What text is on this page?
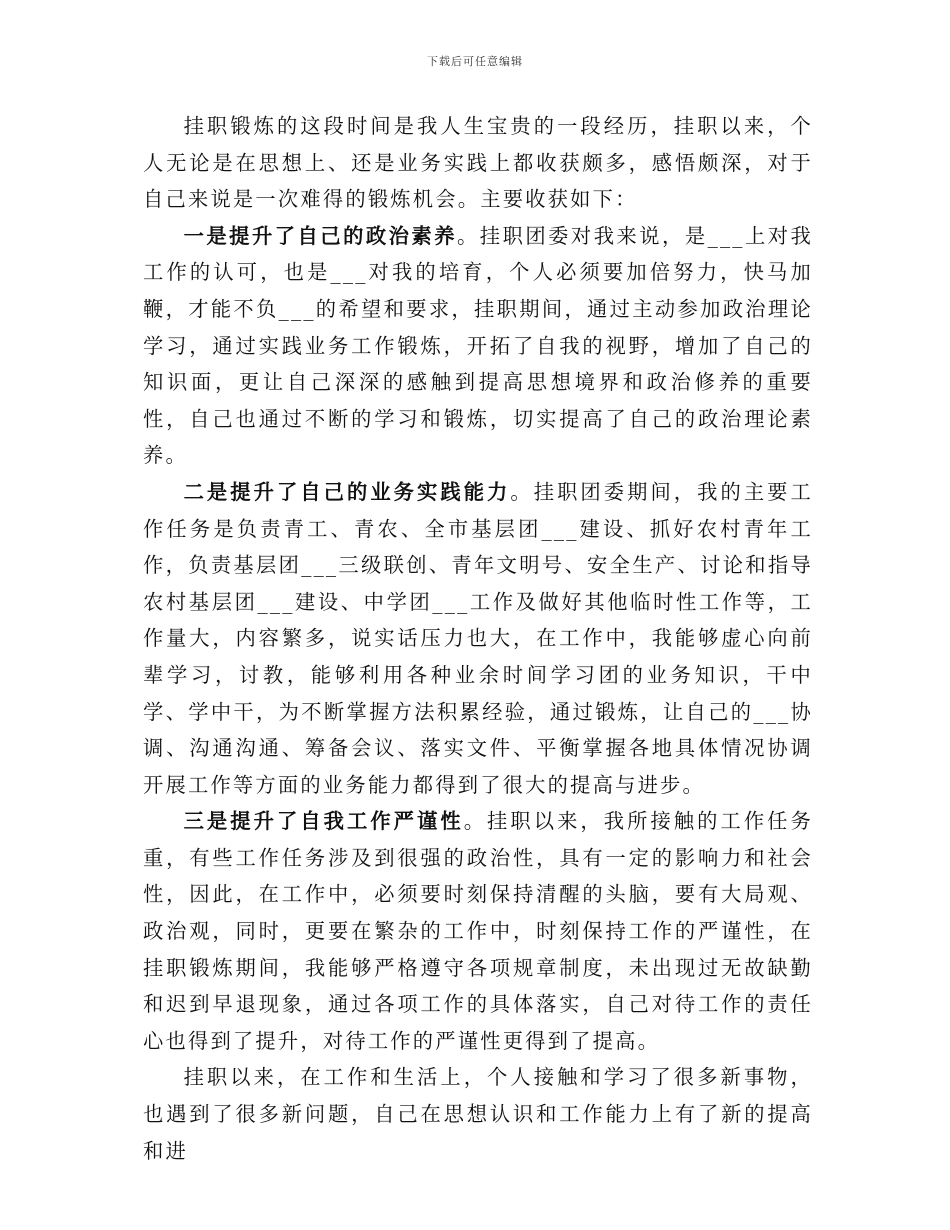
下载后可任意编辑

挂职锻炼的这段时间是我人生宝贵的一段经历，挂职以来，个人无论是在思想上、还是业务实践上都收获颇多，感悟颇深，对于自己来说是一次难得的锻炼机会。主要收获如下：

一是提升了自己的政治素养。挂职团委对我来说，是___上对我工作的认可，也是___对我的培育，个人必须要加倍努力，快马加鞭，才能不负___的希望和要求，挂职期间，通过主动参加政治理论学习，通过实践业务工作锻炼，开拓了自我的视野，增加了自己的知识面，更让自己深深的感触到提高思想境界和政治修养的重要性，自己也通过不断的学习和锻炼，切实提高了自己的政治理论素养。

二是提升了自己的业务实践能力。挂职团委期间，我的主要工作任务是负责青工、青农、全市基层团___建设、抓好农村青年工作，负责基层团___三级联创、青年文明号、安全生产、讨论和指导农村基层团___建设、中学团___工作及做好其他临时性工作等，工作量大，内容繁多，说实话压力也大，在工作中，我能够虚心向前辈学习，讨教，能够利用各种业余时间学习团的业务知识，干中学、学中干，为不断掌握方法积累经验，通过锻炼，让自己的___协调、沟通沟通、筹备会议、落实文件、平衡掌握各地具体情况协调开展工作等方面的业务能力都得到了很大的提高与进步。

三是提升了自我工作严谨性。挂职以来，我所接触的工作任务重，有些工作任务涉及到很强的政治性，具有一定的影响力和社会性，因此，在工作中，必须要时刻保持清醒的头脑，要有大局观、政治观，同时，更要在繁杂的工作中，时刻保持工作的严谨性，在挂职锻炼期间，我能够严格遵守各项规章制度，未出现过无故缺勤和迟到早退现象，通过各项工作的具体落实，自己对待工作的责任心也得到了提升，对待工作的严谨性更得到了提高。

挂职以来，在工作和生活上，个人接触和学习了很多新事物，也遇到了很多新问题，自己在思想认识和工作能力上有了新的提高和进
